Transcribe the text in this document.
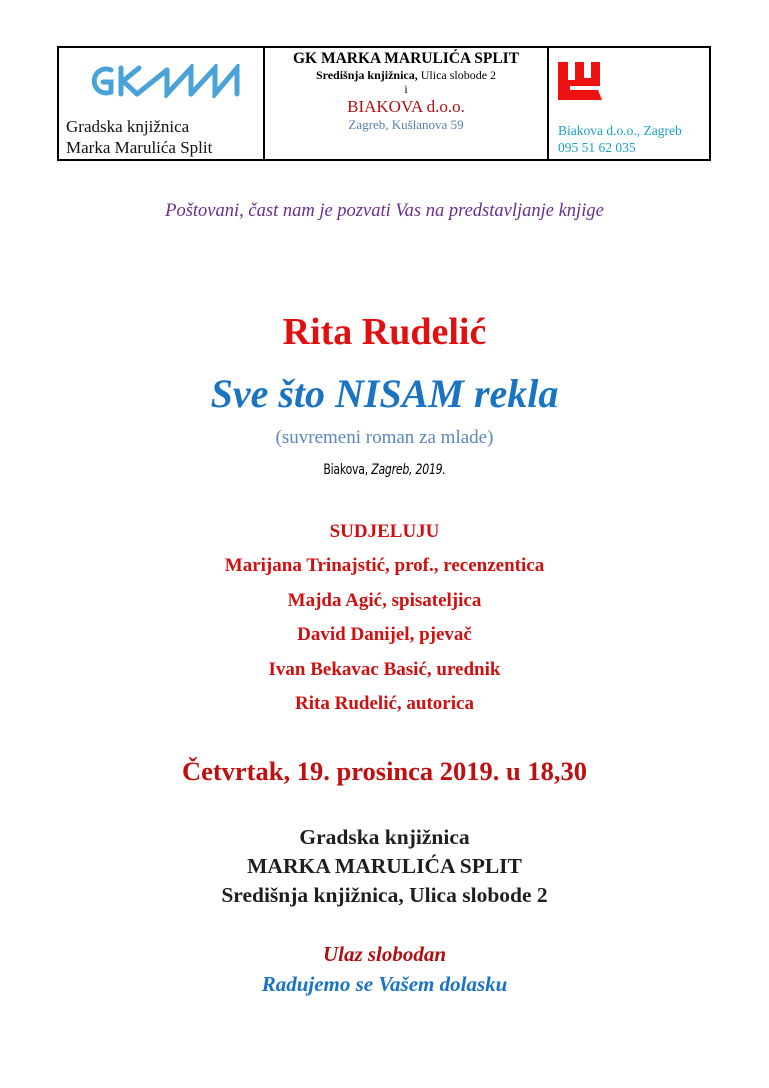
Gradska knjižnica
Marka Marulića Split
GK MARKA MARULIĆA SPLIT
Središnja knjižnica, Ulica slobode 2
i
BIAKOVA d.o.o.
Zagreb, Kušlanova 59	Biakova d.o.o., Zagreb
095 51 62 035
Poštovani, čast nam je pozvati Vas na predstavljanje knjige
Rita Rudelić
Sve što NISAM rekla
(suvremeni roman za mlade)
Biakova, Zagreb, 2019.
SUDJELUJU
Marijana Trinajstić, prof., recenzentica
Majda Agić, spisateljica
David Danijel, pjevač
Ivan Bekavac Basić, urednik
Rita Rudelić, autorica
Četvrtak, 19. prosinca 2019. u 18,30
Gradska knjižnica
MARKA MARULIĆA SPLIT
Središnja knjižnica, Ulica slobode 2
Ulaz slobodan
Radujemo se Vašem dolasku
